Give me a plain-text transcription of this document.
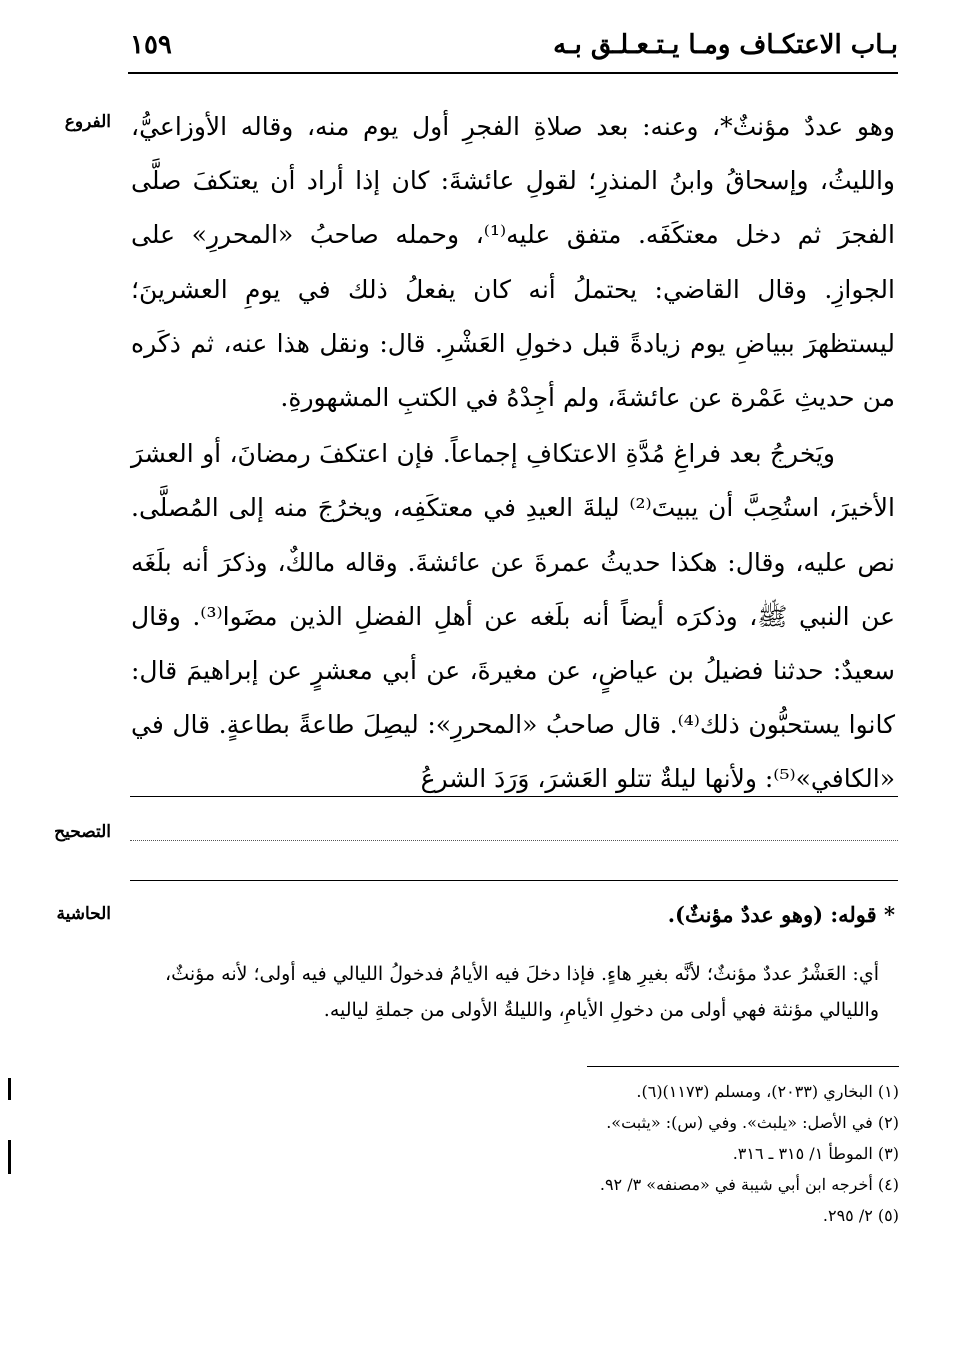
بـاب الاعتكـاف ومـا يـتـعـلـق بـه
١٥٩
الفروع وهو عددٌ مؤنثٌ*، وعنه: بعد صلاةِ الفجرِ أول يوم منه، وقاله الأوزاعيُّ، والليثُ، وإسحاقُ وابنُ المنذرِ؛ لقولِ عائشةَ: كان إذا أراد أن يعتكفَ صلَّى الفجرَ ثم دخل معتكَفَه. متفق عليه⁽¹⁾، وحمله صاحبُ «المحررِ» على الجوازِ. وقال القاضي: يحتملُ أنه كان يفعلُ ذلك في يومِ العشرينَ؛ ليستظهرَ ببياضِ يوم زيادةً قبل دخولِ العَشْرِ. قال: ونقل هذا عنه، ثم ذكَره من حديثِ عَمْرة عن عائشةَ، ولم أجِدْهُ في الكتبِ المشهورةِ.

ويَخرجُ بعد فراغِ مُدَّةِ الاعتكافِ إجماعاً. فإن اعتكفَ رمضانَ، أو العشرَ الأخيرَ، استُحِبَّ أن يبيتَ⁽²⁾ ليلةَ العيدِ في معتكَفِه، ويخرُجَ منه إلى المُصلَّى. نص عليه، وقال: هكذا حديثُ عمرةَ عن عائشةَ. وقاله مالكٌ، وذكرَ أنه بلَغَه عن النبي ﷺ، وذكرَه أيضاً أنه بلَغه عن أهلِ الفضلِ الذين مضَوا⁽³⁾. وقال سعيدٌ: حدثنا فضيلُ بن عياضٍ، عن مغيرةَ، عن أبي معشرٍ عن إبراهيمَ قال: كانوا يستحبُّون ذلك⁽⁴⁾. قال صاحبُ «المحررِ»: ليصِلَ طاعةً بطاعةٍ. قال في «الكافي»⁽⁵⁾: ولأنها ليلةٌ تتلو العَشرَ، وَرَدَ الشرعُ

التصحيح
الحاشية	* قوله: (وهو عددٌ مؤنثٌ).

أي: العَشْرُ عددٌ مؤنثٌ؛ لأنَّه بغيرِ هاءٍ. فإذا دخلَ فيه الأيامُ فدخولُ الليالي فيه أولى؛ لأنه مؤنثٌ،

والليالي مؤنثة فهي أولى من دخولِ الأيامِ، والليلةُ الأولى من جملةِ لياليه.

(١) البخاري (٢٠٣٣)، ومسلم (١١٧٣)(٦).
(٢) في الأصل: «يلبث». وفي (س): «يثبت».
(٣) الموطأ ١/ ٣١٥ ـ ٣١٦.
(٤) أخرجه ابن أبي شيبة في «مصنفه» ٣/ ٩٢.
(٥) ٢/ ٢٩٥.
